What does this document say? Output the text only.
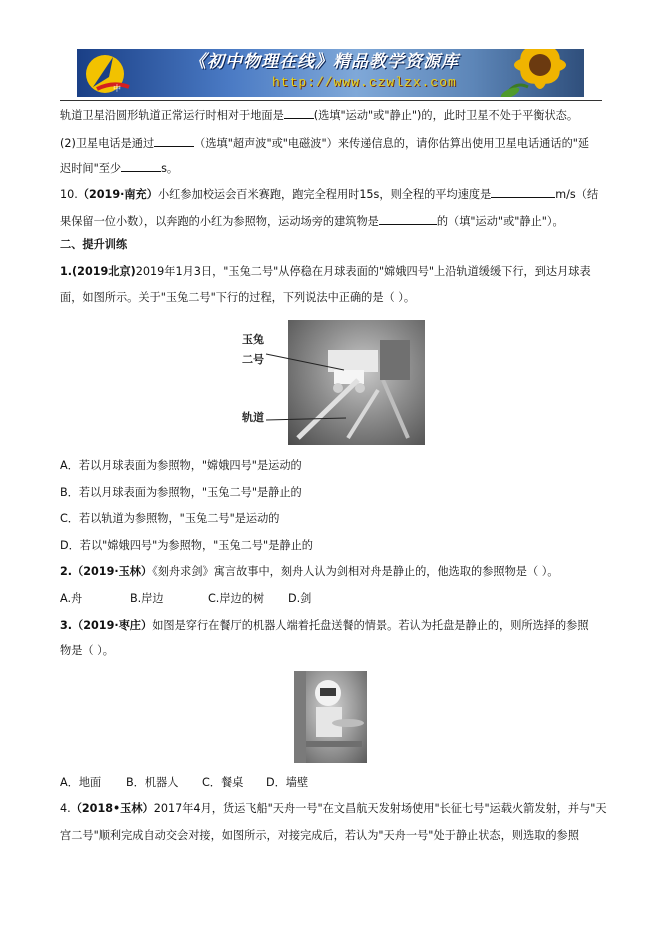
中
《初中物理在线》精品教学资源库
http://www.czwlzx.com
轨道卫星沿圆形轨道正常运行时相对于地面是	(选填"运动"或"静止")的，此时卫星不处于平衡状态。
(2)卫星电话是通过	（选填"超声波"或"电磁波"）来传递信息的，请你估算出使用卫星电话通话的"延
迟时间"至少	s。
10.（2019·南充）小红参加校运会百米赛跑，跑完全程用时15s，则全程的平均速度是	m/s（结
果保留一位小数），以奔跑的小红为参照物，运动场旁的建筑物是	的（填"运动"或"静止"）。
二、提升训练
1.(2019北京)2019年1月3日，"玉兔二号"从停稳在月球表面的"嫦娥四号"上沿轨道缓缓下行，到达月球表
面，如图所示。关于"玉兔二号"下行的过程，下列说法中正确的是（ ）。
玉兔
二号
轨道
A．若以月球表面为参照物，"嫦娥四号"是运动的
B．若以月球表面为参照物，"玉兔二号"是静止的
C．若以轨道为参照物，"玉兔二号"是运动的
D．若以"嫦娥四号"为参照物，"玉兔二号"是静止的
2.（2019·玉林）《刻舟求剑》寓言故事中，刻舟人认为剑相对舟是静止的，他选取的参照物是（ ）。
A.舟	B.岸边	C.岸边的树 D.剑
3.（2019·枣庄）如图是穿行在餐厅的机器人端着托盘送餐的情景。若认为托盘是静止的，则所选择的参照
物是（ ）。
A．地面 B．机器人 C．餐桌 D．墙壁
4.（2018•玉林）2017年4月，货运飞船"天舟一号"在文昌航天发射场使用"长征七号"运载火箭发射，并与"天
宫二号"顺利完成自动交会对接，如图所示，对接完成后，若认为"天舟一号"处于静止状态，则选取的参照
